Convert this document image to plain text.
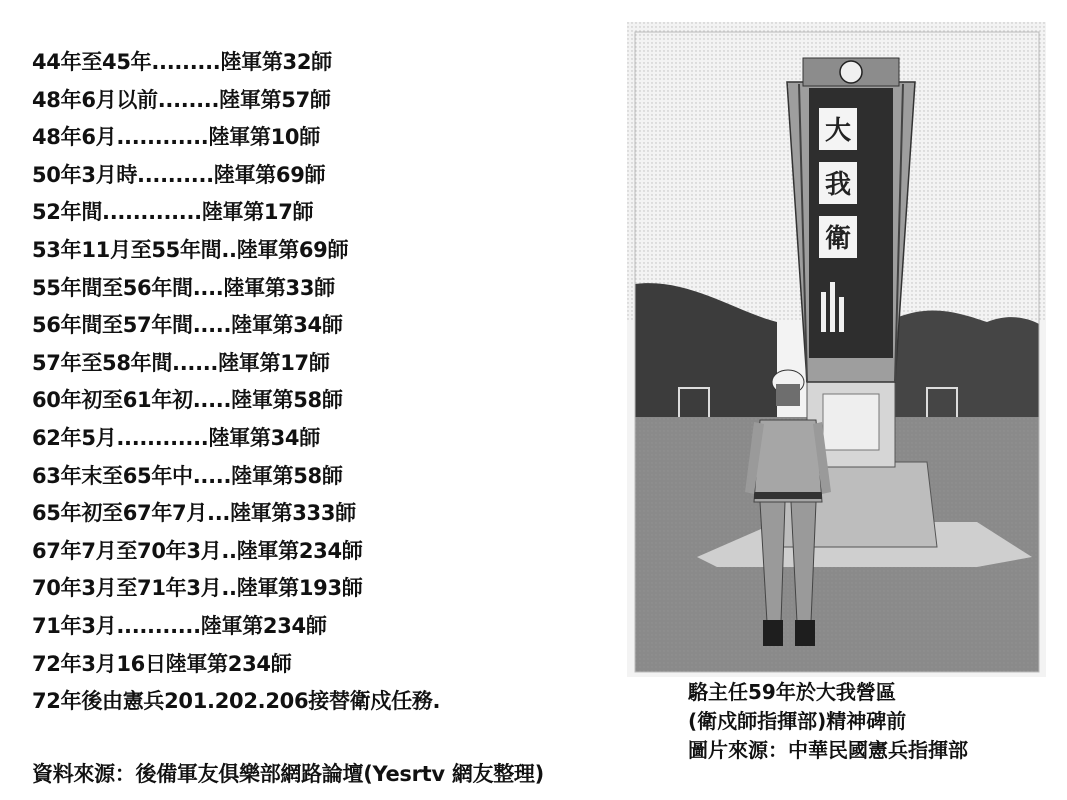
44年至45年.........陸軍第32師
48年6月以前........陸軍第57師
48年6月............陸軍第10師
50年3月時..........陸軍第69師
52年間.............陸軍第17師
53年11月至55年間..陸軍第69師
55年間至56年間....陸軍第33師
56年間至57年間.....陸軍第34師
57年至58年間......陸軍第17師
60年初至61年初.....陸軍第58師
62年5月............陸軍第34師
63年末至65年中.....陸軍第58師
65年初至67年7月...陸軍第333師
67年7月至70年3月..陸軍第234師
70年3月至71年3月..陸軍第193師
71年3月...........陸軍第234師
72年3月16日陸軍第234師
72年後由憲兵201.202.206接替衛戍任務.
資料來源：後備軍友俱樂部網路論壇(Yesrtv 網友整理)
大
我
衛
駱主任59年於大我營區
(衛戍師指揮部)精神碑前
圖片來源：中華民國憲兵指揮部
